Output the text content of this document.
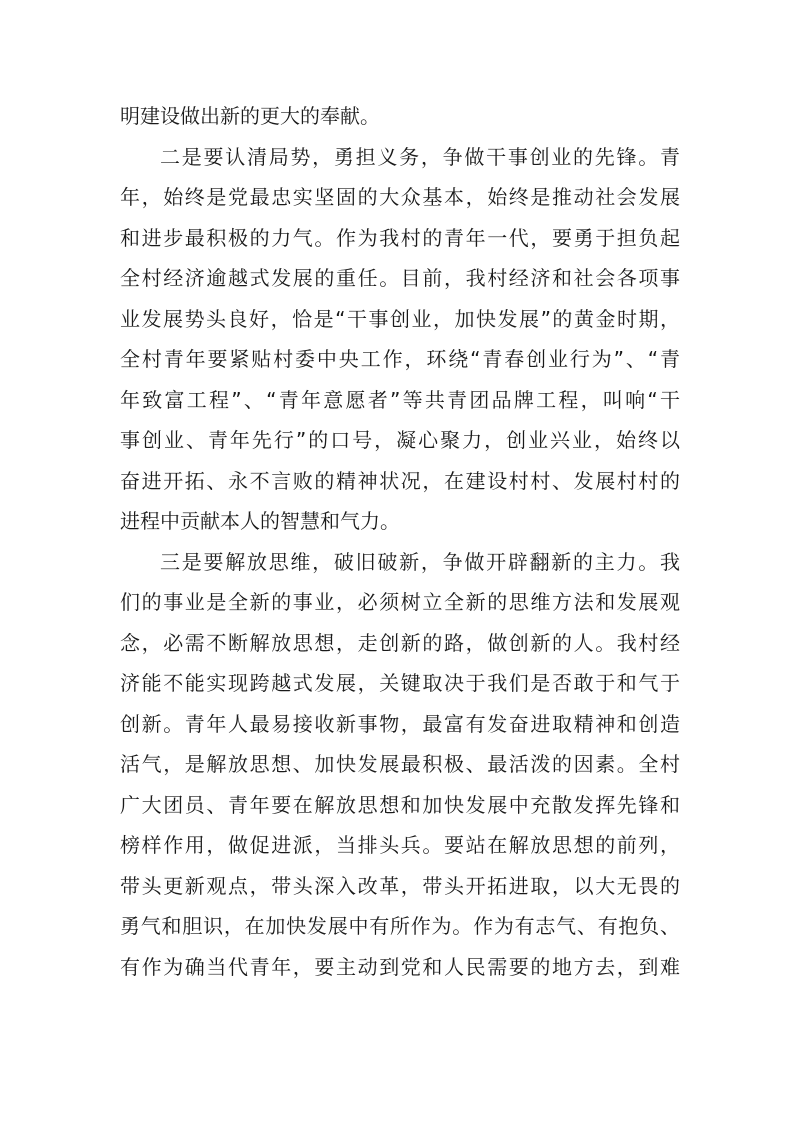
明建设做出新的更大的奉献。
二是要认清局势，勇担义务，争做干事创业的先锋。青
年，始终是党最忠实坚固的大众基本，始终是推动社会发展
和进步最积极的力气。作为我村的青年一代，要勇于担负起
全村经济逾越式发展的重任。目前，我村经济和社会各项事
业发展势头良好，恰是“干事创业，加快发展”的黄金时期，
全村青年要紧贴村委中央工作，环绕“青春创业行为”、“青
年致富工程”、“青年意愿者”等共青团品牌工程，叫响“干
事创业、青年先行”的口号，凝心聚力，创业兴业，始终以
奋进开拓、永不言败的精神状况，在建设村村、发展村村的
进程中贡献本人的智慧和气力。
三是要解放思维，破旧破新，争做开辟翻新的主力。我
们的事业是全新的事业，必须树立全新的思维方法和发展观
念，必需不断解放思想，走创新的路，做创新的人。我村经
济能不能实现跨越式发展，关键取决于我们是否敢于和气于
创新。青年人最易接收新事物，最富有发奋进取精神和创造
活气，是解放思想、加快发展最积极、最活泼的因素。全村
广大团员、青年要在解放思想和加快发展中充散发挥先锋和
榜样作用，做促进派，当排头兵。要站在解放思想的前列，
带头更新观点，带头深入改革，带头开拓进取，以大无畏的
勇气和胆识，在加快发展中有所作为。作为有志气、有抱负、
有作为确当代青年，要主动到党和人民需要的地方去，到难
